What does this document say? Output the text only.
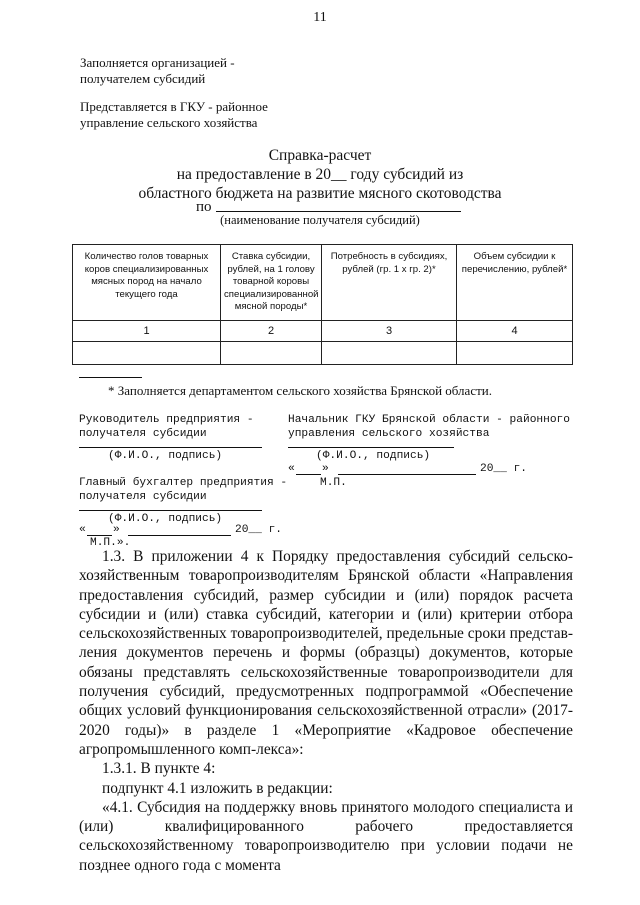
11
Заполняется организацией -
получателем субсидий
Представляется в ГКУ - районное
управление сельского хозяйства
Справка-расчет
на предоставление в 20__ году субсидий из
областного бюджета на развитие мясного скотоводства
по
(наименование получателя субсидий)
Количество голов товарных коров специализированных мясных пород на начало текущего года	Ставка субсидии, рублей, на 1 голову товарной коровы специализированной мясной породы*	Потребность в субсидиях, рублей (гр. 1 x гр. 2)*	Объем субсидии к перечислению, рублей*
1	2	3	4

* Заполняется департаментом сельского хозяйства Брянской области.
Руководитель предприятия -
получателя субсидии
(Ф.И.О., подпись)
Начальник ГКУ Брянской области - районного
управления сельского хозяйства
(Ф.И.О., подпись)
« »	20__ г.
М.П.
Главный бухгалтер предприятия -
получателя субсидии
(Ф.И.О., подпись)
« »	20__ г.
М.П.».

1.3. В приложении 4 к Порядку предоставления субсидий сельско-хозяйственным товаропроизводителям Брянской области «Направления предоставления субсидий, размер субсидии и (или) порядок расчета субсидии и (или) ставка субсидий, категории и (или) критерии отбора сельскохозяйственных товаропроизводителей, предельные сроки представ-ления документов перечень и формы (образцы) документов, которые обязаны представлять сельскохозяйственные товаропроизводители для получения субсидий, предусмотренных подпрограммой «Обеспечение общих условий функционирования сельскохозяйственной отрасли» (2017-2020 годы)» в разделе 1 «Мероприятие «Кадровое обеспечение агропромышленного комп-лекса»:

1.3.1. В пункте 4:

подпункт 4.1 изложить в редакции:

«4.1. Субсидия на поддержку вновь принятого молодого специалиста и (или) квалифицированного рабочего предоставляется сельскохозяйственному товаропроизводителю при условии подачи не позднее одного года с момента
